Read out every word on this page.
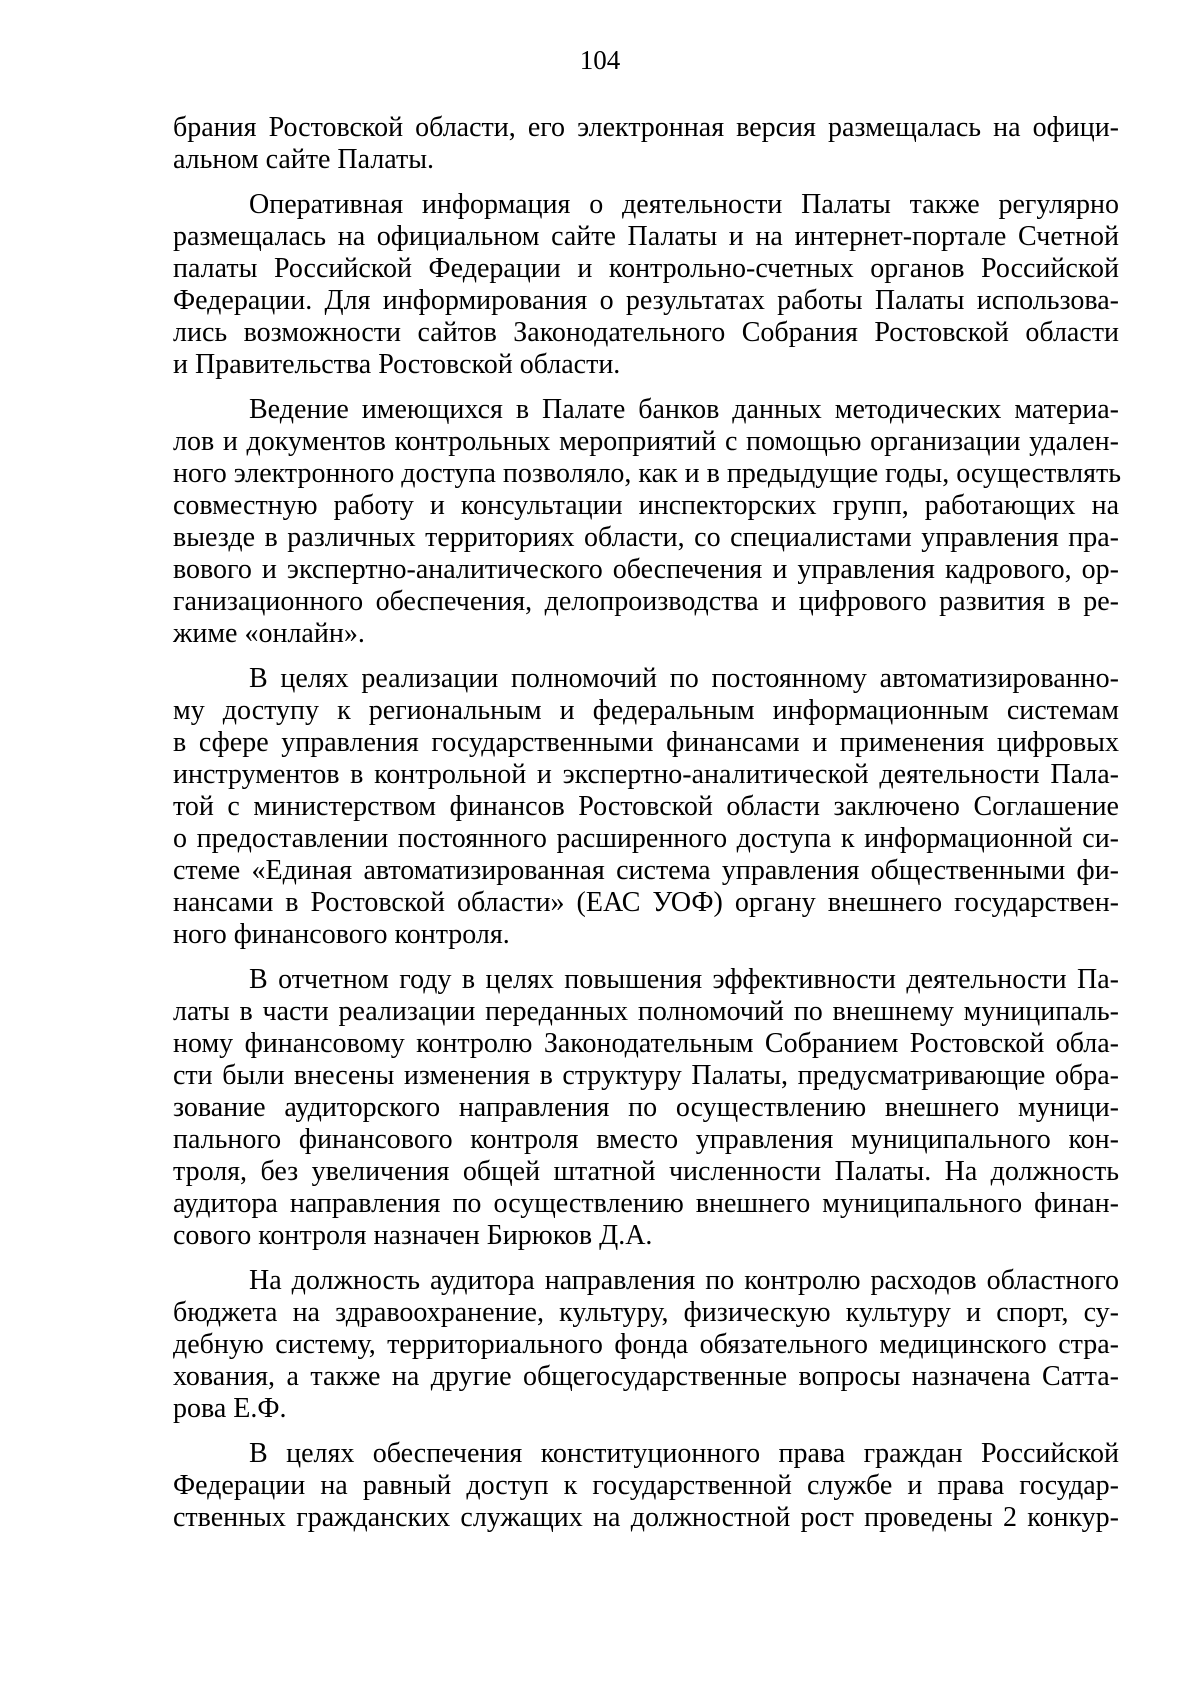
104
брания Ростовской области, его электронная версия размещалась на офици-
альном сайте Палаты.
Оперативная информация о деятельности Палаты также регулярно
размещалась на официальном сайте Палаты и на интернет-портале Счетной
палаты Российской Федерации и контрольно-счетных органов Российской
Федерации. Для информирования о результатах работы Палаты использова-
лись возможности сайтов Законодательного Собрания Ростовской области
и Правительства Ростовской области.
Ведение имеющихся в Палате банков данных методических материа-
лов и документов контрольных мероприятий с помощью организации удален-
ного электронного доступа позволяло, как и в предыдущие годы, осуществлять
совместную работу и консультации инспекторских групп, работающих на
выезде в различных территориях области, со специалистами управления пра-
вового и экспертно-аналитического обеспечения и управления кадрового, ор-
ганизационного обеспечения, делопроизводства и цифрового развития в ре-
жиме «онлайн».
В целях реализации полномочий по постоянному автоматизированно-
му доступу к региональным и федеральным информационным системам
в сфере управления государственными финансами и применения цифровых
инструментов в контрольной и экспертно-аналитической деятельности Пала-
той с министерством финансов Ростовской области заключено Соглашение
о предоставлении постоянного расширенного доступа к информационной си-
стеме «Единая автоматизированная система управления общественными фи-
нансами в Ростовской области» (ЕАС УОФ) органу внешнего государствен-
ного финансового контроля.
В отчетном году в целях повышения эффективности деятельности Па-
латы в части реализации переданных полномочий по внешнему муниципаль-
ному финансовому контролю Законодательным Собранием Ростовской обла-
сти были внесены изменения в структуру Палаты, предусматривающие обра-
зование аудиторского направления по осуществлению внешнего муници-
пального финансового контроля вместо управления муниципального кон-
троля, без увеличения общей штатной численности Палаты. На должность
аудитора направления по осуществлению внешнего муниципального финан-
сового контроля назначен Бирюков Д.А.
На должность аудитора направления по контролю расходов областного
бюджета на здравоохранение, культуру, физическую культуру и спорт, су-
дебную систему, территориального фонда обязательного медицинского стра-
хования, а также на другие общегосударственные вопросы назначена Сатта-
рова Е.Ф.
В целях обеспечения конституционного права граждан Российской
Федерации на равный доступ к государственной службе и права государ-
ственных гражданских служащих на должностной рост проведены 2 конкур-
